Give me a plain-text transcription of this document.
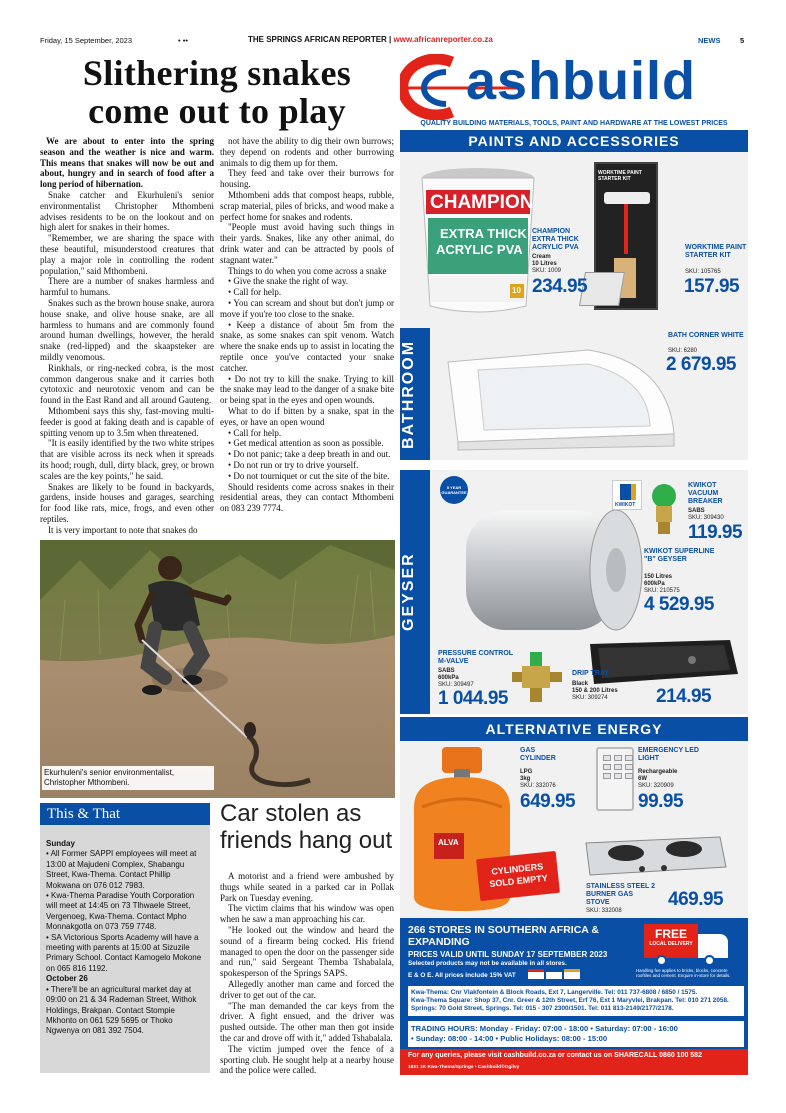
Friday, 15 September, 2023	• ••	THE SPRINGS AFRICAN REPORTER | www.africanreporter.co.za	NEWS	5
Slithering snakes
come out to play

We are about to enter into the spring season and the weather is nice and warm. This means that snakes will now be out and about, hungry and in search of food after a long period of hibernation.

Snake catcher and Ekurhuleni's senior environmentalist Christopher Mthombeni advises residents to be on the lookout and on high alert for snakes in their homes.

"Remember, we are sharing the space with these beautiful, misunderstood creatures that play a major role in controlling the rodent population," said Mthombeni.

There are a number of snakes harmless and harmful to humans.

Snakes such as the brown house snake, aurora house snake, and olive house snake, are all harmless to humans and are commonly found around human dwellings, however, the herald snake (red-lipped) and the skaapsteker are mildly venomous.

Rinkhals, or ring-necked cobra, is the most common dangerous snake and it carries both cytotoxic and neurotoxic venom and can be found in the East Rand and all around Gauteng.

Mthombeni says this shy, fast-moving multi-feeder is good at faking death and is capable of spitting venom up to 3.5m when threatened.

"It is easily identified by the two white stripes that are visible across its neck when it spreads its hood; rough, dull, dirty black, grey, or brown scales are the key points," he said.

Snakes are likely to be found in backyards, gardens, inside houses and garages, searching for food like rats, mice, frogs, and even other reptiles.

It is very important to note that snakes do

not have the ability to dig their own burrows; they depend on rodents and other burrowing animals to dig them up for them.

They feed and take over their burrows for housing.

Mthombeni adds that compost heaps, rubble, scrap material, piles of bricks, and wood make a perfect home for snakes and rodents.

"People must avoid having such things in their yards. Snakes, like any other animal, do drink water and can be attracted by pools of stagnant water."

Things to do when you come across a snake

• Give the snake the right of way.

• Call for help.

• You can scream and shout but don't jump or move if you're too close to the snake.

• Keep a distance of about 5m from the snake, as some snakes can spit venom. Watch where the snake ends up to assist in locating the reptile once you've contacted your snake catcher.

• Do not try to kill the snake. Trying to kill the snake may lead to the danger of a snake bite or being spat in the eyes and open wounds.

What to do if bitten by a snake, spat in the eyes, or have an open wound

• Call for help.

• Get medical attention as soon as possible.

• Do not panic; take a deep breath in and out.

• Do not run or try to drive yourself.

• Do not tourniquet or cut the site of the bite.

Should residents come across snakes in their residential areas, they can contact Mthombeni on 083 239 7774.

Ekurhuleni's senior environmentalist, Christopher Mthombeni.
This & That
Sunday
• All Former SAPPI employees will meet at 13:00 at Majudeni Complex, Shabangu Street, Kwa-Thema. Contact Phillip Mokwana on 076 012 7983.
• Kwa-Thema Paradise Youth Corporation will meet at 14:45 on 73 Tlhwaele Street, Vergenoeg, Kwa-Thema. Contact Mpho Monnakgotla on 073 759 7748.
• SA Victorious Sports Academy will have a meeting with parents at 15:00 at Sizuzile Primary School. Contact Kamogelo Mokone on 065 816 1192.
October 26
• There'll be an agricultural market day at 09:00 on 21 & 34 Rademan Street, Withok Holdings, Brakpan. Contact Stompie Mkhonto on 061 529 5695 or Thoko Ngwenya on 081 392 7504.
Car stolen as friends hang out

A motorist and a friend were ambushed by thugs while seated in a parked car in Pollak Park on Tuesday evening.

The victim claims that his window was open when he saw a man approaching his car.

"He looked out the window and heard the sound of a firearm being cocked. His friend managed to open the door on the passenger side and run," said Sergeant Themba Tshabalala, spokesperson of the Springs SAPS.

Allegedly another man came and forced the driver to get out of the car.

"The man demanded the car keys from the driver. A fight ensued, and the driver was pushed outside. The other man then got inside the car and drove off with it," added Tshabalala.

The victim jumped over the fence of a sporting club. He sought help at a nearby house and the police were called.

ashbuild
QUALITY BUILDING MATERIALS, TOOLS, PAINT AND HARDWARE AT THE LOWEST PRICES
PAINTS AND ACCESSORIES
CHAMPION
EXTRA THICK
ACRYLIC PVA
10
WORKTIME PAINT STARTER KIT
CHAMPION EXTRA THICK ACRYLIC PVA
Cream
10 Litres
SKU: 1009
234.95
WORKTIME PAINT STARTER KIT
SKU: 105765
157.95
BATHROOM
BATH CORNER WHITE
SKU: 6280
2 679.95
GEYSER
5 YEAR GUARANTEE
KWIKOT
KWIKOT VACUUM BREAKER
SABS
SKU: 309430
119.95
KWIKOT SUPERLINE "B" GEYSER
150 Litres
600kPa
SKU: 210575
4 529.95
PRESSURE CONTROL M-VALVE
SABS
600kPa
SKU: 309497
1 044.95
DRIP TRAY
Black
150 & 200 Litres
SKU: 309274	214.95
ALTERNATIVE ENERGY
ALVA
GAS CYLINDER
LPG
3kg
SKU: 332076
649.95
EMERGENCY LED LIGHT
Rechargeable
6W
SKU: 320909
99.95
CYLINDERS
SOLD EMPTY	STAINLESS STEEL 2 BURNER GAS STOVE
SKU: 332008
469.95
266 STORES IN SOUTHERN AFRICA & EXPANDING
PRICES VALID UNTIL SUNDAY 17 SEPTEMBER 2023
Selected products may not be available in all stores.
E & O E. All prices include 15% VAT
FREE
LOCAL DELIVERY
Handling fee applies to bricks, blocks, concrete rooftiles and cement. Enquire in-store for details.
Kwa-Thema: Cnr Vlakfontein & Block Roads, Ext 7, Langerville. Tel: 011 737-6808 / 6850 / 1575.
Kwa-Thema Square: Shop 37, Cnr. Greer & 12th Street, Erf 76, Ext 1 Maryvlei, Brakpan. Tel: 010 271 2058.
Springs: 70 Gold Street, Springs. Tel: 015 - 307 2300/1501. Tel: 011 813-2149/2177/2178.
TRADING HOURS: Monday - Friday: 07:00 - 18:00 • Saturday: 07:00 - 16:00
• Sunday: 08:00 - 14:00 • Public Holidays: 08:00 - 15:00
For any queries, please visit cashbuild.co.za or contact us on SHARECALL 0860 100 582
1821 1K Kwa-Thema/Springs • Cashbuild©Ogilvy
